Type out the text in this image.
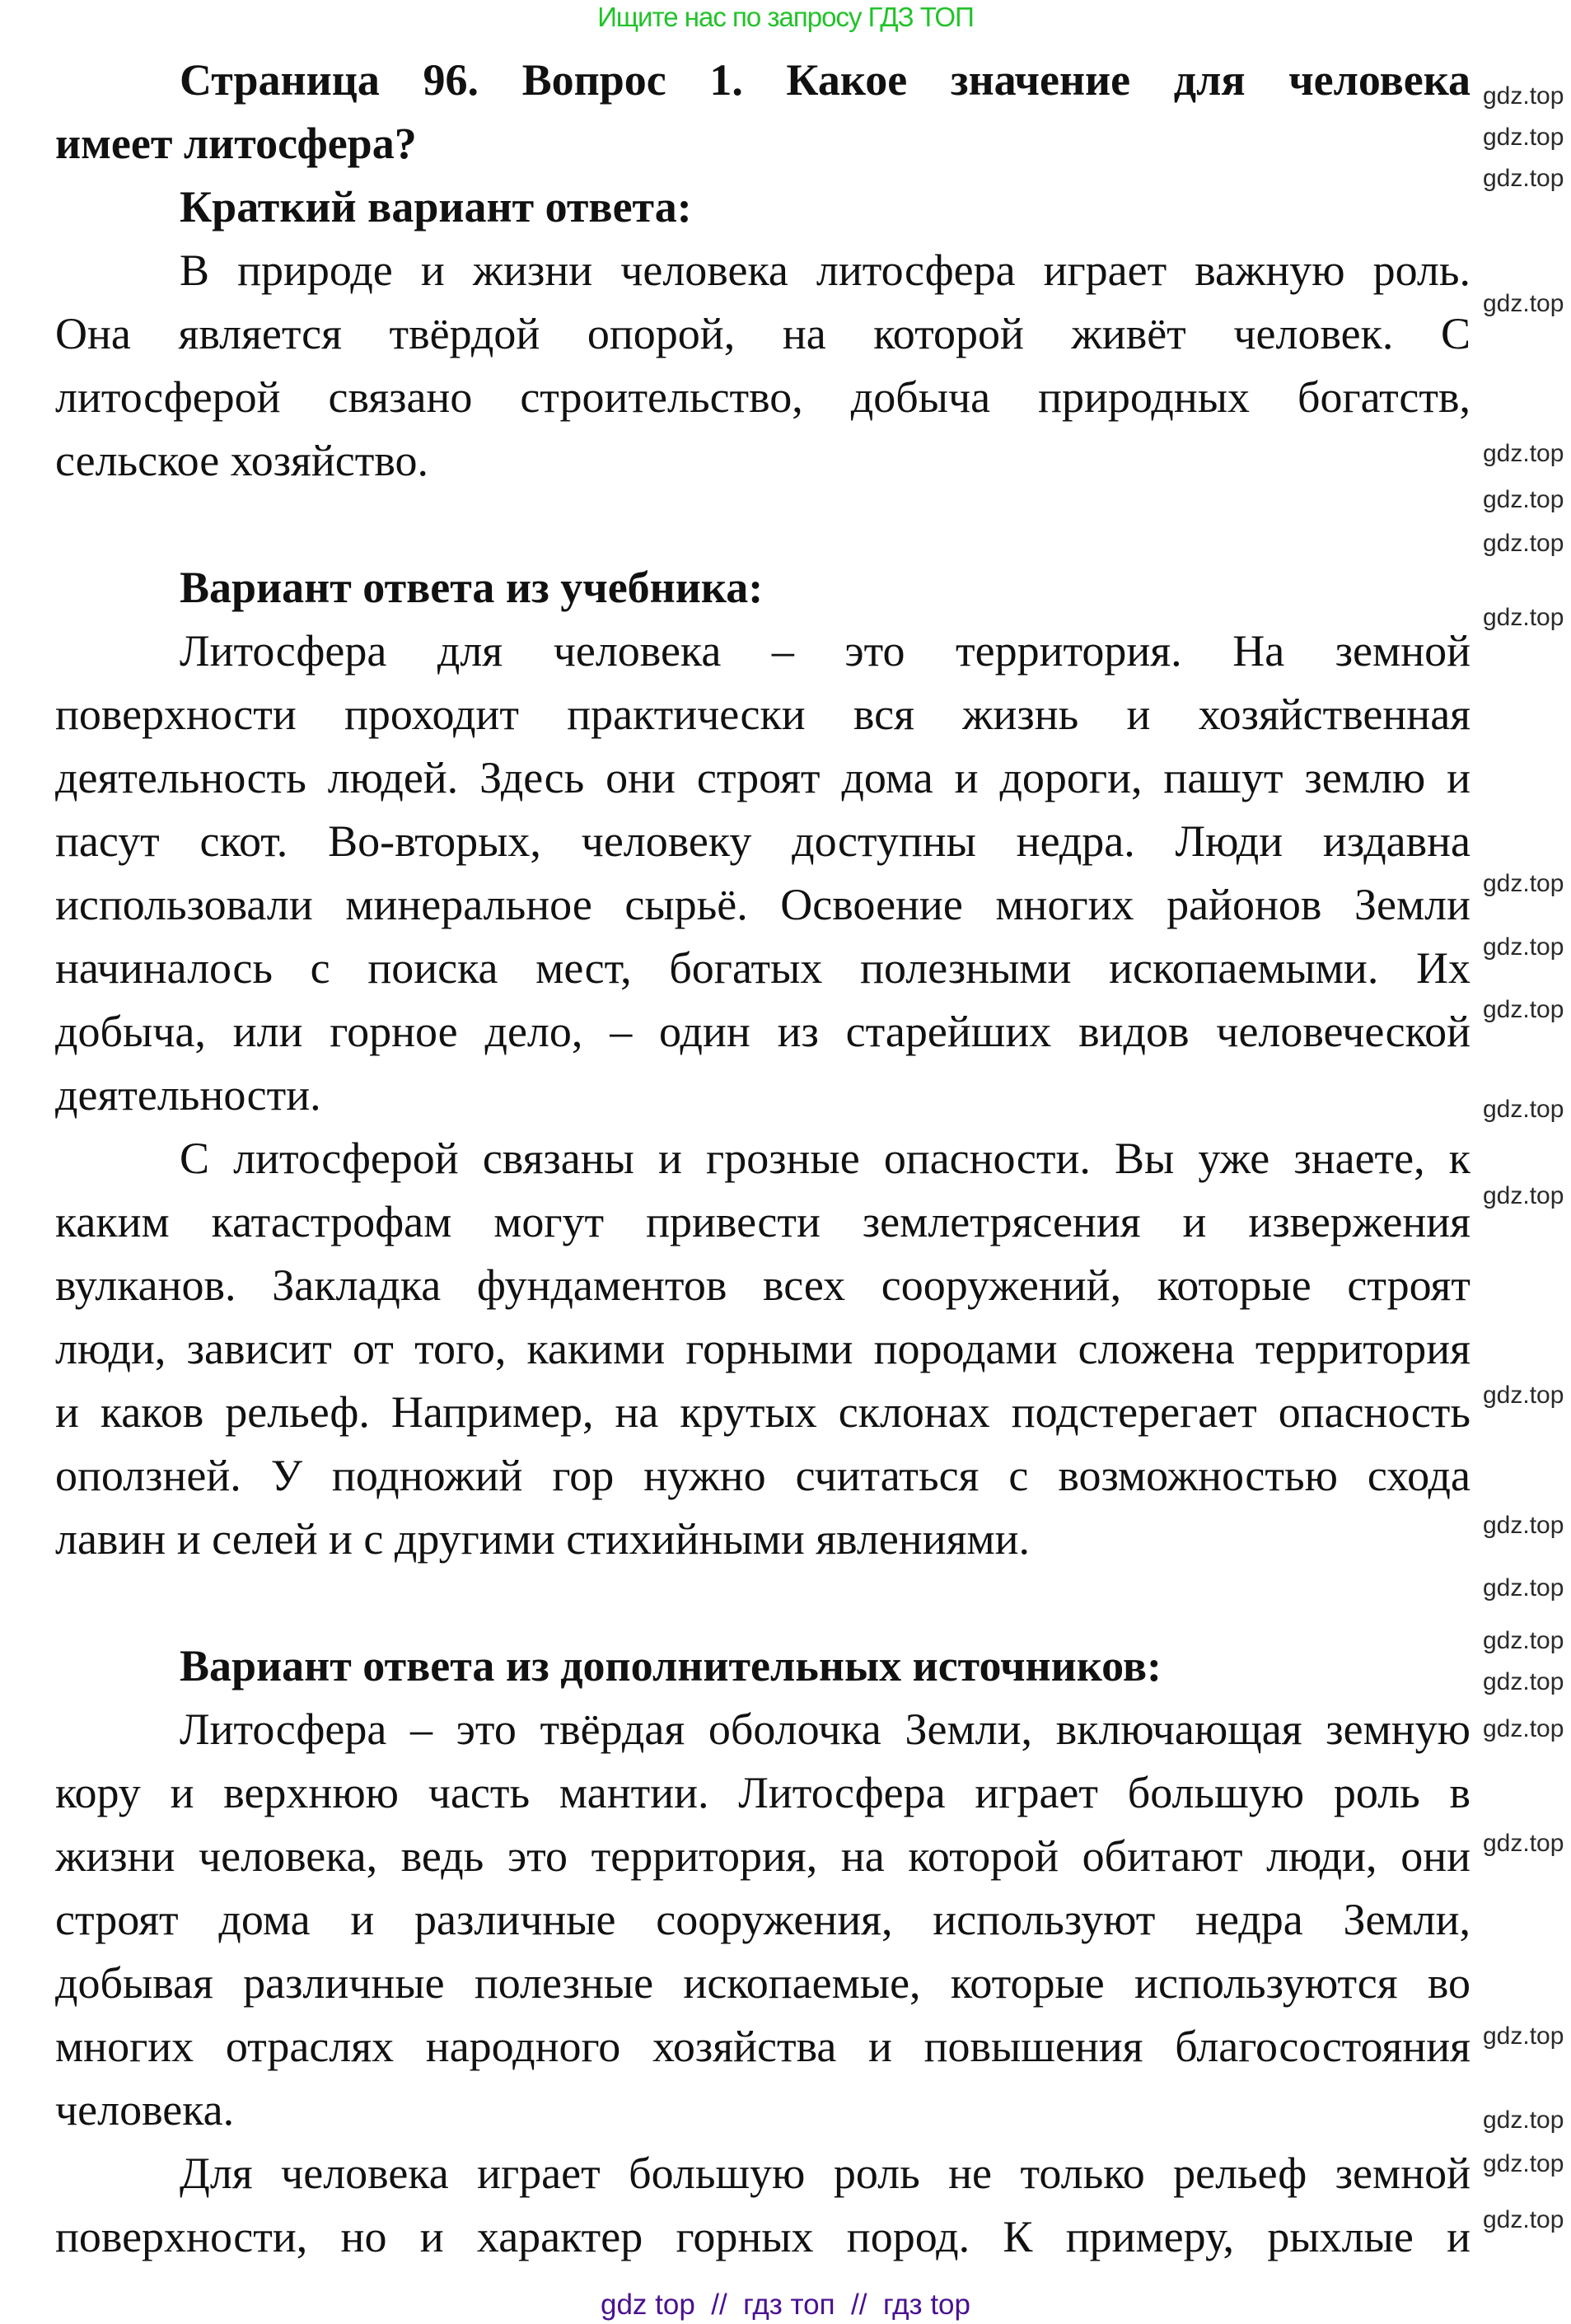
Ищите нас по запросу ГДЗ ТОП
Страница 96. Вопрос 1. Какое значение для человека
имеет литосфера?
Краткий вариант ответа:
В природе и жизни человека литосфера играет важную роль.
Она является твёрдой опорой, на которой живёт человек. С
литосферой связано строительство, добыча природных богатств,
сельское хозяйство.
Вариант ответа из учебника:
Литосфера для человека – это территория. На земной
поверхности проходит практически вся жизнь и хозяйственная
деятельность людей. Здесь они строят дома и дороги, пашут землю и
пасут скот. Во-вторых, человеку доступны недра. Люди издавна
использовали минеральное сырьё. Освоение многих районов Земли
начиналось с поиска мест, богатых полезными ископаемыми. Их
добыча, или горное дело, – один из старейших видов человеческой
деятельности.
С литосферой связаны и грозные опасности. Вы уже знаете, к
каким катастрофам могут привести землетрясения и извержения
вулканов. Закладка фундаментов всех сооружений, которые строят
люди, зависит от того, какими горными породами сложена территория
и каков рельеф. Например, на крутых склонах подстерегает опасность
оползней. У подножий гор нужно считаться с возможностью схода
лавин и селей и с другими стихийными явлениями.
Вариант ответа из дополнительных источников:
Литосфера – это твёрдая оболочка Земли, включающая земную
кору и верхнюю часть мантии. Литосфера играет большую роль в
жизни человека, ведь это территория, на которой обитают люди, они
строят дома и различные сооружения, используют недра Земли,
добывая различные полезные ископаемые, которые используются во
многих отраслях народного хозяйства и повышения благосостояния
человека.
Для человека играет большую роль не только рельеф земной
поверхности, но и характер горных пород. К примеру, рыхлые и
gdz.top
gdz.top
gdz.top
gdz.top
gdz.top
gdz.top
gdz.top
gdz.top
gdz.top
gdz.top
gdz.top
gdz.top
gdz.top
gdz.top
gdz.top
gdz.top
gdz.top
gdz.top
gdz.top
gdz.top
gdz.top
gdz.top
gdz.top
gdz.top
gdz top  //  гдз топ  //  гдз top
